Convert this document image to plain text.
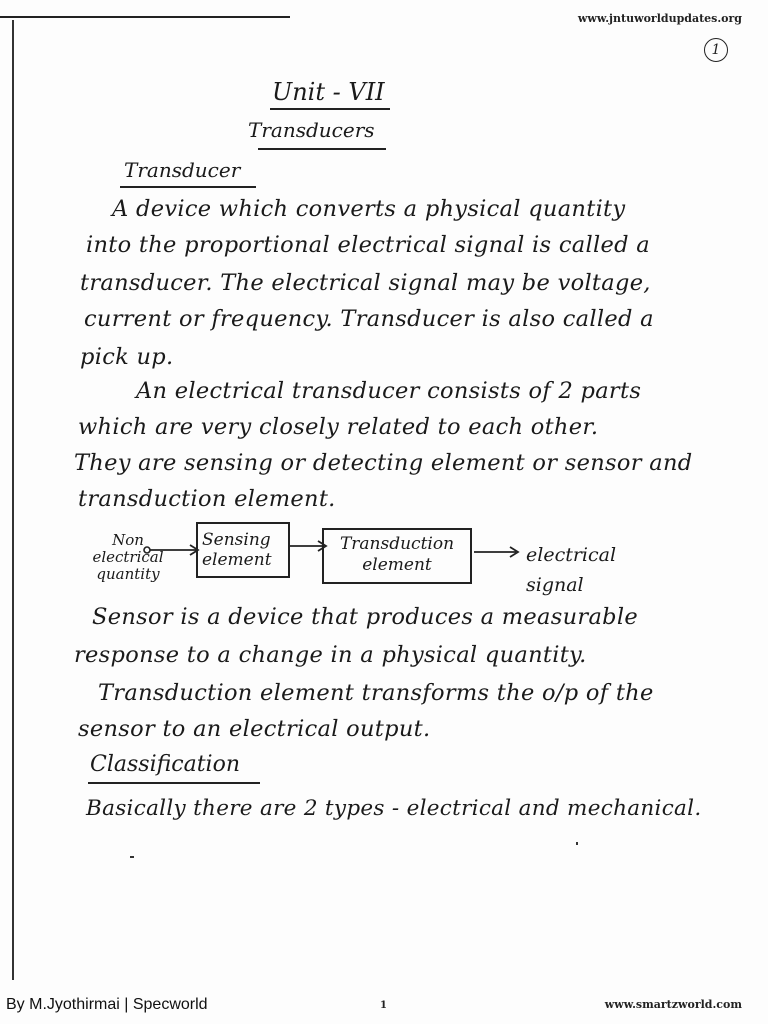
www.jntuworldupdates.org
1
Unit - VII
Transducers
Transducer
A device which converts a physical quantity
into the proportional electrical signal is called a
transducer. The electrical signal may be voltage,
current or frequency. Transducer is also called a
pick up.
An electrical transducer consists of 2 parts
which are very closely related to each other.
They are sensing or detecting element or sensor and
transduction element.
Non electrical quantity
Sensing element
Transduction element	electrical signal
Sensor is a device that produces a measurable
response to a change in a physical quantity.
Transduction element transforms the o/p of the
sensor to an electrical output.
Classification
Basically there are 2 types - electrical and mechanical.
By M.Jyothirmai | Specworld	1	www.smartzworld.com
